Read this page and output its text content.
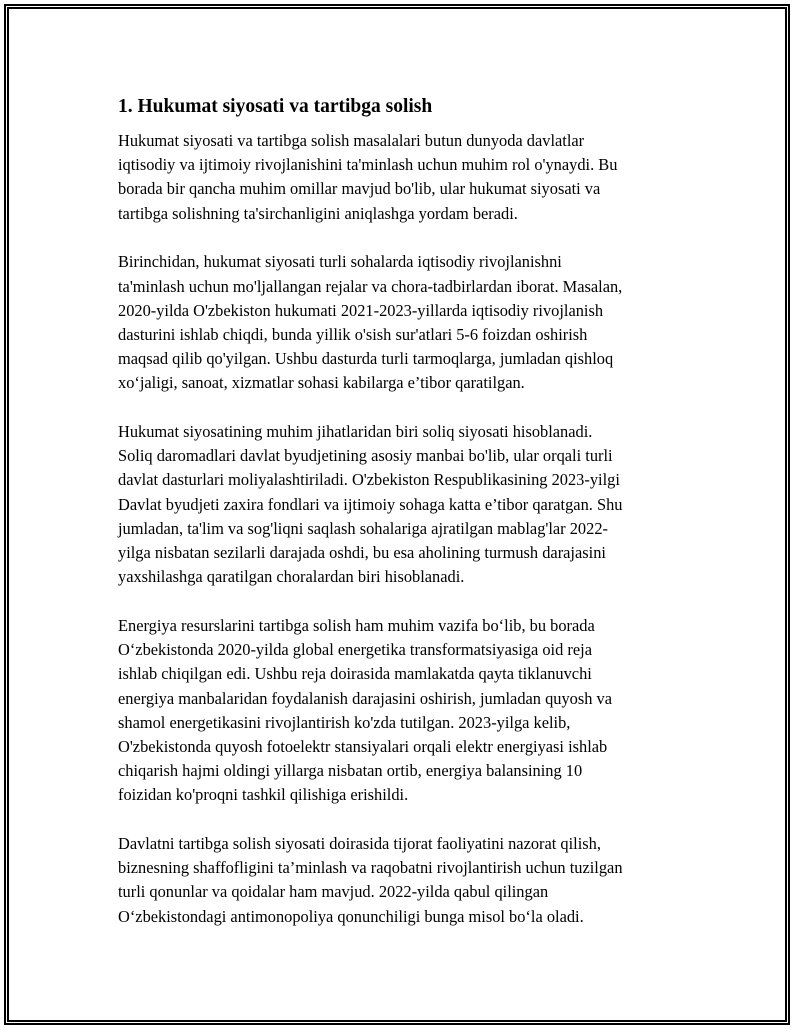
1. Hukumat siyosati va tartibga solish

Hukumat siyosati va tartibga solish masalalari butun dunyoda davlatlar
iqtisodiy va ijtimoiy rivojlanishini ta'minlash uchun muhim rol o'ynaydi. Bu
borada bir qancha muhim omillar mavjud bo'lib, ular hukumat siyosati va
tartibga solishning ta'sirchanligini aniqlashga yordam beradi.

Birinchidan, hukumat siyosati turli sohalarda iqtisodiy rivojlanishni
ta'minlash uchun mo'ljallangan rejalar va chora-tadbirlardan iborat. Masalan,
2020-yilda O'zbekiston hukumati 2021-2023-yillarda iqtisodiy rivojlanish
dasturini ishlab chiqdi, bunda yillik o'sish sur'atlari 5-6 foizdan oshirish
maqsad qilib qo'yilgan. Ushbu dasturda turli tarmoqlarga, jumladan qishloq
xo‘jaligi, sanoat, xizmatlar sohasi kabilarga e’tibor qaratilgan.

Hukumat siyosatining muhim jihatlaridan biri soliq siyosati hisoblanadi.
Soliq daromadlari davlat byudjetining asosiy manbai bo'lib, ular orqali turli
davlat dasturlari moliyalashtiriladi. O'zbekiston Respublikasining 2023-yilgi
Davlat byudjeti zaxira fondlari va ijtimoiy sohaga katta e’tibor qaratgan. Shu
jumladan, ta'lim va sog'liqni saqlash sohalariga ajratilgan mablag'lar 2022-
yilga nisbatan sezilarli darajada oshdi, bu esa aholining turmush darajasini
yaxshilashga qaratilgan choralardan biri hisoblanadi.

Energiya resurslarini tartibga solish ham muhim vazifa bo‘lib, bu borada
O‘zbekistonda 2020-yilda global energetika transformatsiyasiga oid reja
ishlab chiqilgan edi. Ushbu reja doirasida mamlakatda qayta tiklanuvchi
energiya manbalaridan foydalanish darajasini oshirish, jumladan quyosh va
shamol energetikasini rivojlantirish ko'zda tutilgan. 2023-yilga kelib,
O'zbekistonda quyosh fotoelektr stansiyalari orqali elektr energiyasi ishlab
chiqarish hajmi oldingi yillarga nisbatan ortib, energiya balansining 10
foizidan ko'proqni tashkil qilishiga erishildi.

Davlatni tartibga solish siyosati doirasida tijorat faoliyatini nazorat qilish,
biznesning shaffofligini ta’minlash va raqobatni rivojlantirish uchun tuzilgan
turli qonunlar va qoidalar ham mavjud. 2022-yilda qabul qilingan
O‘zbekistondagi antimonopoliya qonunchiligi bunga misol bo‘la oladi.
